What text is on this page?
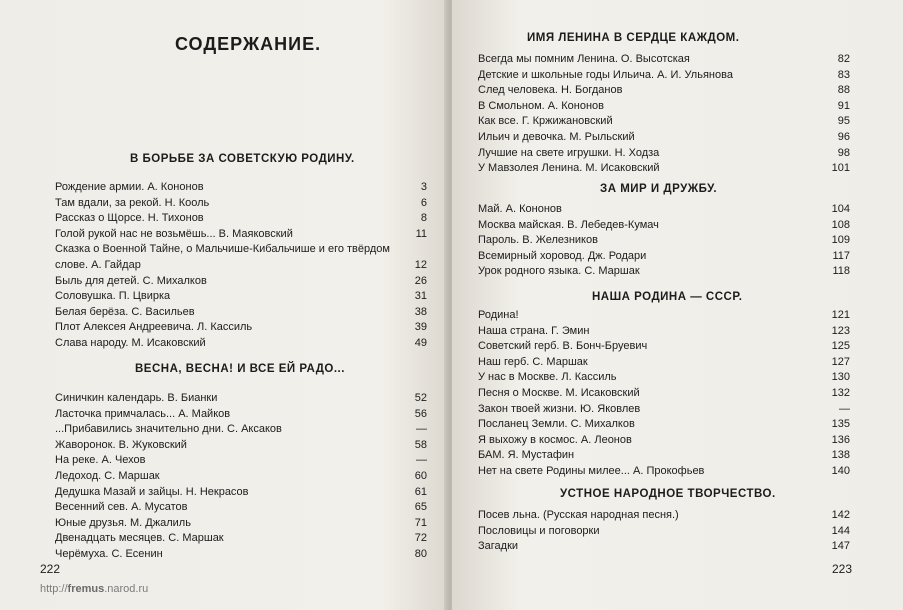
СОДЕРЖАНИЕ.
В БОРЬБЕ ЗА СОВЕТСКУЮ РОДИНУ.
Рождение армии. А. Кононов	3
Там вдали, за рекой. Н. Кооль	6
Рассказ о Щорсе. Н. Тихонов	8
Голой рукой нас не возьмёшь... В. Маяковский	11
Сказка о Военной Тайне, о Мальчише-Кибальчише и его твёрдом слове. А. Гайдар	12
Быль для детей. С. Михалков	26
Соловушка. П. Цвирка	31
Белая берёза. С. Васильев	38
Плот Алексея Андреевича. Л. Кассиль	39
Слава народу. М. Исаковский	49
ВЕСНА, ВЕСНА! И ВСЕ ЕЙ РАДО...
Синичкин календарь. В. Бианки	52
Ласточка примчалась... А. Майков	56
...Прибавились значительно дни. С. Аксаков	—
Жаворонок. В. Жуковский	58
На реке. А. Чехов	—
Ледоход. С. Маршак	60
Дедушка Мазай и зайцы. Н. Некрасов	61
Весенний сев. А. Мусатов	65
Юные друзья. М. Джалиль	71
Двенадцать месяцев. С. Маршак	72
Черёмуха. С. Есенин	80
222
http://fremus.narod.ru
ИМЯ ЛЕНИНА В СЕРДЦЕ КАЖДОМ.
Всегда мы помним Ленина. О. Высотская	82
Детские и школьные годы Ильича. А. И. Ульянова	83
След человека. Н. Богданов	88
В Смольном. А. Кононов	91
Как все. Г. Кржижановский	95
Ильич и девочка. М. Рыльский	96
Лучшие на свете игрушки. Н. Ходза	98
У Мавзолея Ленина. М. Исаковский	101
ЗА МИР И ДРУЖБУ.
Май. А. Кононов	104
Москва майская. В. Лебедев-Кумач	108
Пароль. В. Железников	109
Всемирный хоровод. Дж. Родари	117
Урок родного языка. С. Маршак	118
НАША РОДИНА — СССР.
Родина!	121
Наша страна. Г. Эмин	123
Советский герб. В. Бонч-Бруевич	125
Наш герб. С. Маршак	127
У нас в Москве. Л. Кассиль	130
Песня о Москве. М. Исаковский	132
Закон твоей жизни. Ю. Яковлев	—
Посланец Земли. С. Михалков	135
Я выхожу в космос. А. Леонов	136
БАМ. Я. Мустафин	138
Нет на свете Родины милее... А. Прокофьев	140
УСТНОЕ НАРОДНОЕ ТВОРЧЕСТВО.
Посев льна. (Русская народная песня.)	142
Пословицы и поговорки	144
Загадки	147
223
